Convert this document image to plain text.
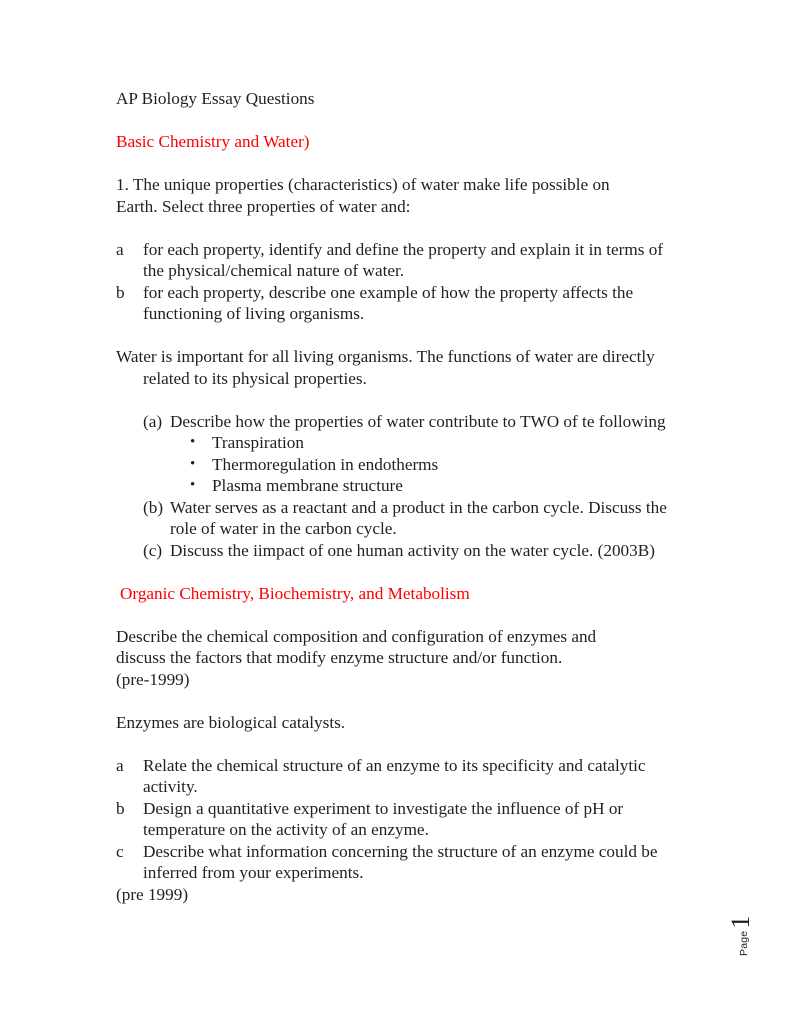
AP Biology Essay Questions

Basic Chemistry and Water)

1. The unique properties (characteristics) of water make life possible on

Earth. Select three properties of water and:

a for each property, identify and define the property and explain it in terms of the physical/chemical nature of water.
b for each property, describe one example of how the property affects the functioning of living organisms.

Water is important for all living organisms. The functions of water are directly related to its physical properties.

(a) Describe how the properties of water contribute to TWO of te following
• Transpiration
• Thermoregulation in endotherms
• Plasma membrane structure
(b) Water serves as a reactant and a product in the carbon cycle. Discuss the role of water in the carbon cycle.
(c) Discuss the iimpact of one human activity on the water cycle. (2003B)

Organic Chemistry, Biochemistry, and Metabolism

Describe the chemical composition and configuration of enzymes and

discuss the factors that modify enzyme structure and/or function.

(pre-1999)

Enzymes are biological catalysts.

a Relate the chemical structure of an enzyme to its specificity and catalytic activity.
b Design a quantitative experiment to investigate the influence of pH or temperature on the activity of an enzyme.
c Describe what information concerning the structure of an enzyme could be inferred from your experiments.

(pre 1999)

Page
1
